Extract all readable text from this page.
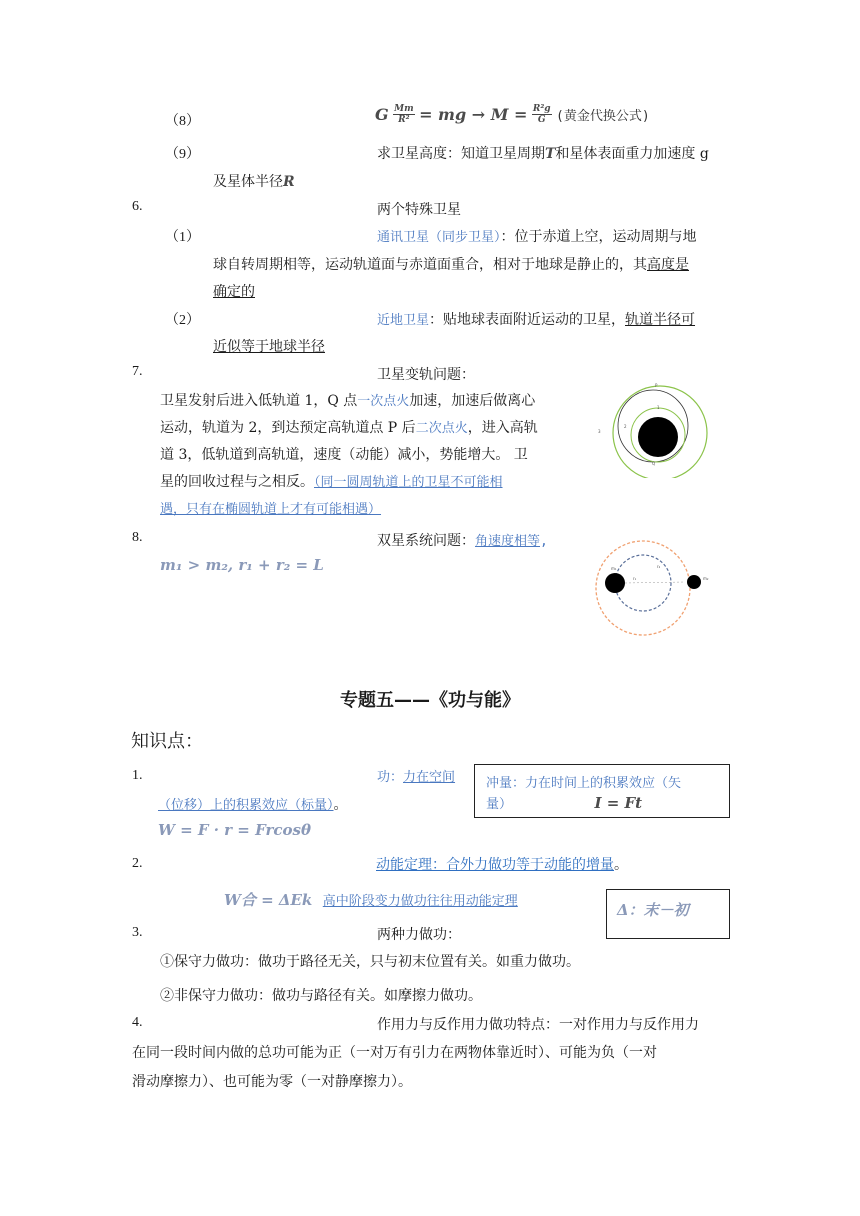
（8）	G $\frac{Mm}{\text{R²}}$ = mg → $M = \frac{\text{R²g}}{G}$ (黄金代换公式)
（9）	求卫星高度：知道卫星周期T和星体表面重力加速度 g
及星体半径R
6.	两个特殊卫星
（1）	通讯卫星（同步卫星）：位于赤道上空，运动周期与地
球自转周期相等，运动轨道面与赤道面重合，相对于地球是静止的，其高度是
确定的
（2）	近地卫星：贴地球表面附近运动的卫星，轨道半径可
近似等于地球半径
7.	卫星变轨问题：
卫星发射后进入低轨道 1，Q 点一次点火加速，加速后做离心
运动，轨道为 2，到达预定高轨道点 P 后二次点火，进入高轨
道 3，低轨道到高轨道，速度（动能）减小，势能增大。 卫
星的回收过程与之相反。（同一圆周轨道上的卫星不可能相
遇，只有在椭圆轨道上才有可能相遇）
P
1
2
3
Q
8.	双星系统问题：角速度相等,
m₁ > m₂, r₁ + r₂ = L	m₁
r₁
r₂
m₂
专题五——《功与能》
知识点：
1.	功：力在空间
（位移）上的积累效应（标量）。
W = F · r = Frcosθ
冲量：力在时间上的积累效应（矢
量）	I = Ft
2.	动能定理：合外力做功等于动能的增量。
W合 = ΔEk 高中阶段变力做功往往用动能定理	Δ：末－初
3.	两种力做功：
①保守力做功：做功于路径无关，只与初末位置有关。如重力做功。
②非保守力做功：做功与路径有关。如摩擦力做功。
4.	作用力与反作用力做功特点：一对作用力与反作用力
在同一段时间内做的总功可能为正（一对万有引力在两物体靠近时）、可能为负（一对
滑动摩擦力）、也可能为零（一对静摩擦力）。
